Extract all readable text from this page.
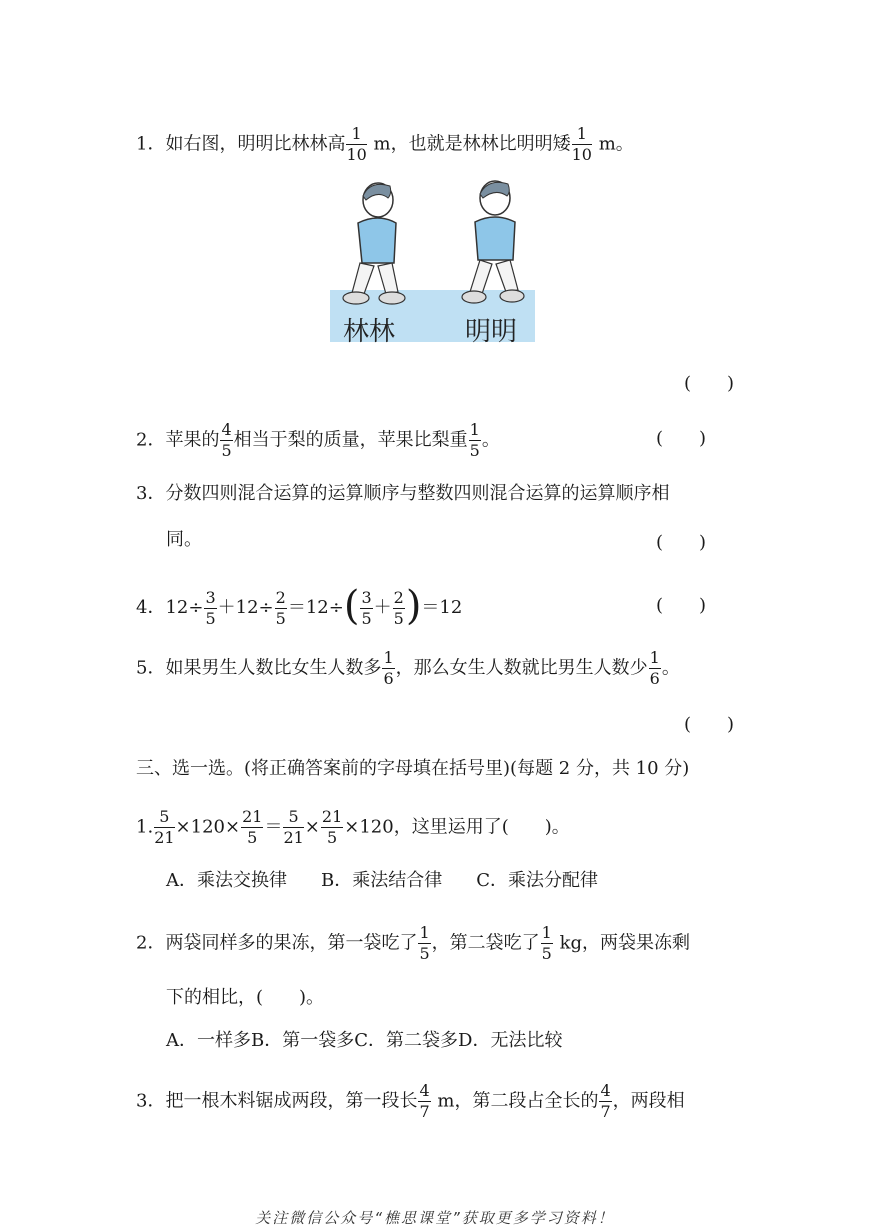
1．如右图，明明比林林高 $\frac{1}{10}$ m，也就是林林比明明矮 $\frac{1}{10}$ m。
林林	明明
(　　)
2．苹果的 $\frac{4}{5}$ 相当于梨的质量，苹果比梨重 $\frac{1}{5}$ 。	(　　)
3．分数四则混合运算的运算顺序与整数四则混合运算的运算顺序相
同。	(　　)
4．$12\div \frac{3}{5} +12\div \frac{2}{5} =12\div( \frac{3}{5} + \frac{2}{5} )=12$	(　　)
5．如果男生人数比女生人数多 $\frac{1}{6}$ ，那么女生人数就比男生人数少 $\frac{1}{6}$ 。
(　　)
三、选一选。(将正确答案前的字母填在括号里)(每题 2 分，共 10 分)
1. $\frac{5}{21} \times 120\times \frac{21}{5} = \frac{5}{21} \times \frac{21}{5} \times 120$，这里运用了(　　)。
A．乘法交换律 B．乘法结合律 C．乘法分配律
2．两袋同样多的果冻，第一袋吃了 $\frac{1}{5}$ ，第二袋吃了 $\frac{1}{5}$ kg，两袋果冻剩
下的相比，(　　)。
A．一样多B．第一袋多C．第二袋多D．无法比较
3．把一根木料锯成两段，第一段长 $\frac{4}{7}$ m，第二段占全长的 $\frac{4}{7}$ ，两段相
关注微信公众号“樵思课堂”获取更多学习资料！
